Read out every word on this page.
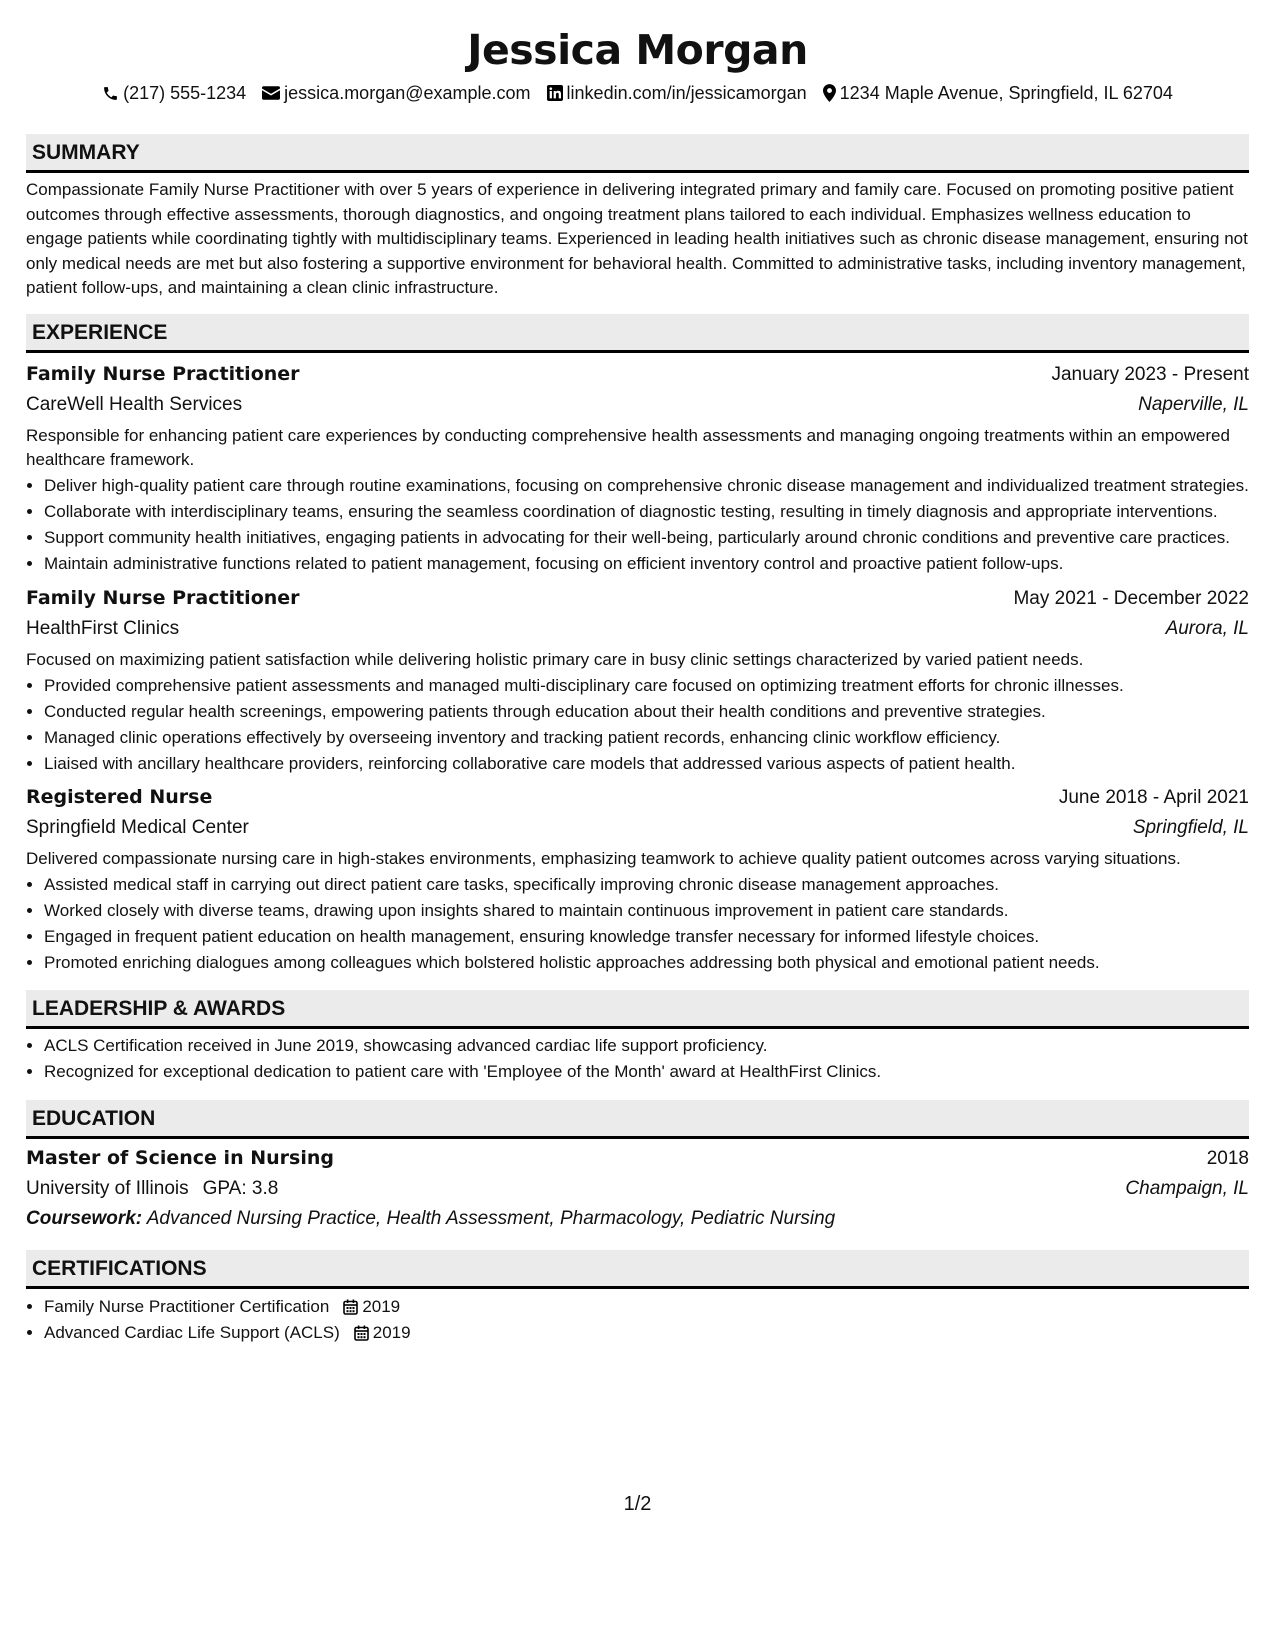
Jessica Morgan
(217) 555-1234 jessica.morgan@example.com linkedin.com/in/jessicamorgan 1234 Maple Avenue, Springfield, IL 62704
SUMMARY

Compassionate Family Nurse Practitioner with over 5 years of experience in delivering integrated primary and family care. Focused on promoting positive patient outcomes through effective assessments, thorough diagnostics, and ongoing treatment plans tailored to each individual. Emphasizes wellness education to engage patients while coordinating tightly with multidisciplinary teams. Experienced in leading health initiatives such as chronic disease management, ensuring not only medical needs are met but also fostering a supportive environment for behavioral health. Committed to administrative tasks, including inventory management, patient follow-ups, and maintaining a clean clinic infrastructure.

EXPERIENCE
Family Nurse Practitioner	January 2023 - Present
CareWell Health Services	Naperville, IL
Responsible for enhancing patient care experiences by conducting comprehensive health assessments and managing ongoing treatments within an empowered healthcare framework.
• Deliver high-quality patient care through routine examinations, focusing on comprehensive chronic disease management and individualized treatment strategies.
• Collaborate with interdisciplinary teams, ensuring the seamless coordination of diagnostic testing, resulting in timely diagnosis and appropriate interventions.
• Support community health initiatives, engaging patients in advocating for their well-being, particularly around chronic conditions and preventive care practices.
• Maintain administrative functions related to patient management, focusing on efficient inventory control and proactive patient follow-ups.
Family Nurse Practitioner	May 2021 - December 2022
HealthFirst Clinics	Aurora, IL
Focused on maximizing patient satisfaction while delivering holistic primary care in busy clinic settings characterized by varied patient needs.
• Provided comprehensive patient assessments and managed multi-disciplinary care focused on optimizing treatment efforts for chronic illnesses.
• Conducted regular health screenings, empowering patients through education about their health conditions and preventive strategies.
• Managed clinic operations effectively by overseeing inventory and tracking patient records, enhancing clinic workflow efficiency.
• Liaised with ancillary healthcare providers, reinforcing collaborative care models that addressed various aspects of patient health.
Registered Nurse	June 2018 - April 2021
Springfield Medical Center	Springfield, IL
Delivered compassionate nursing care in high-stakes environments, emphasizing teamwork to achieve quality patient outcomes across varying situations.
• Assisted medical staff in carrying out direct patient care tasks, specifically improving chronic disease management approaches.
• Worked closely with diverse teams, drawing upon insights shared to maintain continuous improvement in patient care standards.
• Engaged in frequent patient education on health management, ensuring knowledge transfer necessary for informed lifestyle choices.
• Promoted enriching dialogues among colleagues which bolstered holistic approaches addressing both physical and emotional patient needs.
LEADERSHIP & AWARDS
• ACLS Certification received in June 2019, showcasing advanced cardiac life support proficiency.
• Recognized for exceptional dedication to patient care with 'Employee of the Month' award at HealthFirst Clinics.
EDUCATION
Master of Science in Nursing	2018
University of Illinois GPA: 3.8	Champaign, IL
Coursework: Advanced Nursing Practice, Health Assessment, Pharmacology, Pediatric Nursing
CERTIFICATIONS
• Family Nurse Practitioner Certification 2019
• Advanced Cardiac Life Support (ACLS) 2019
1/2
